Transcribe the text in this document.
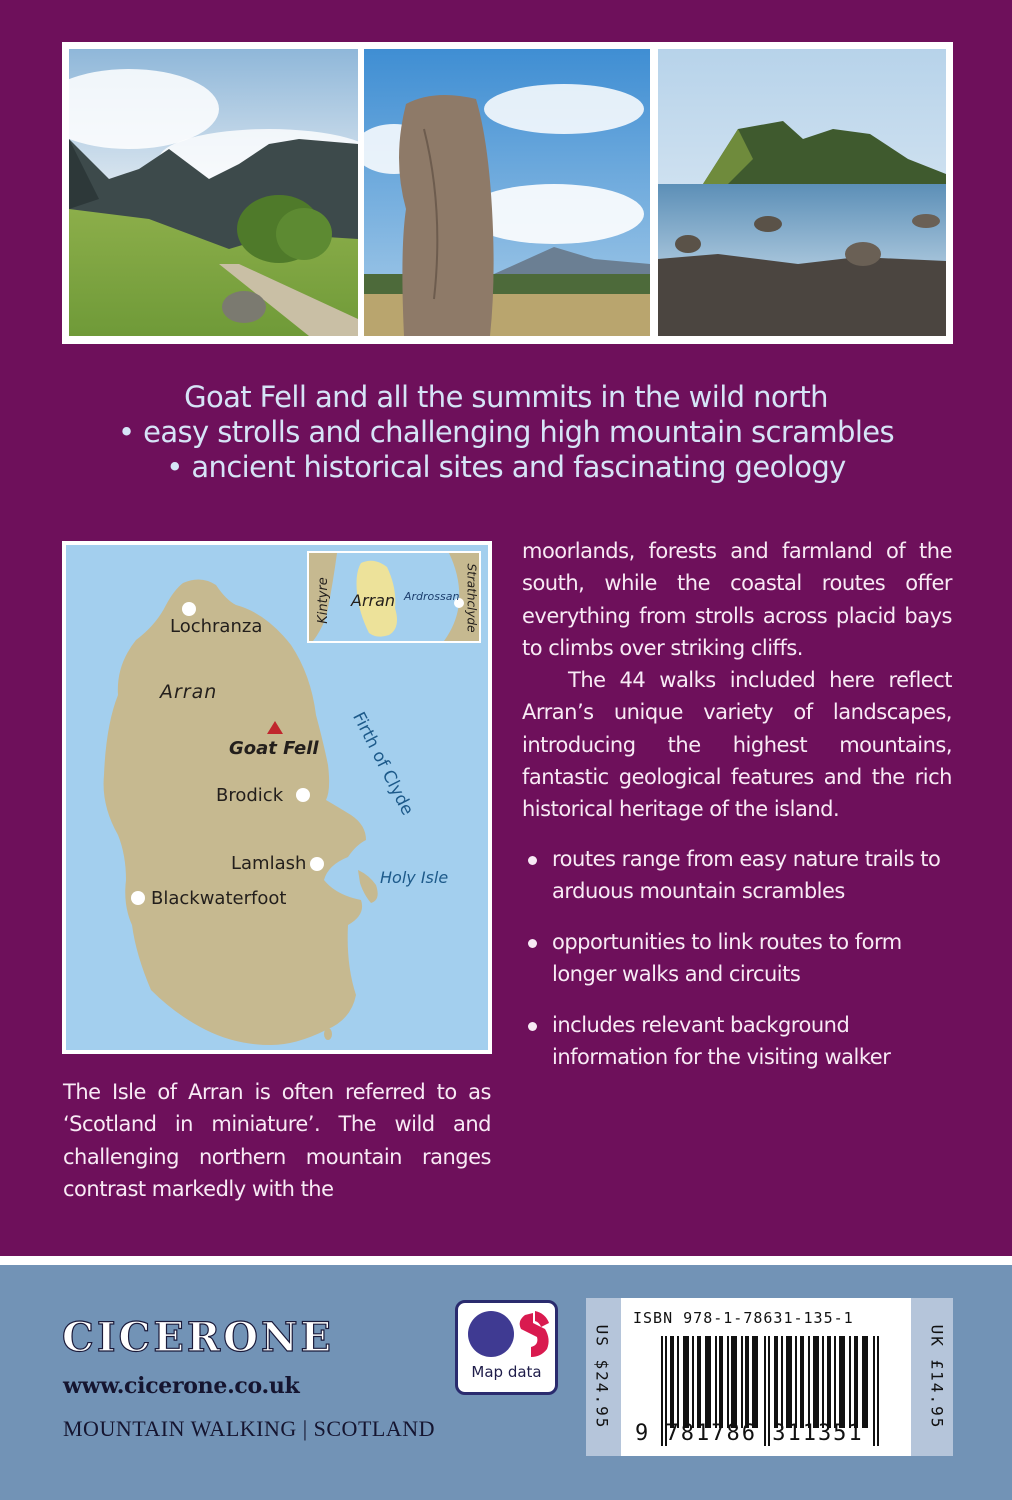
Goat Fell and all the summits in the wild north
• easy strolls and challenging high mountain scrambles
• ancient historical sites and fascinating geology
Lochranza
Arran
Goat Fell
Brodick
Lamlash
Blackwaterfoot
Firth of Clyde
Holy Isle
Kintyre Arran Ardrossan Strathclyde

moorlands, forests and farmland of the south, while the coastal routes offer everything from strolls across placid bays to climbs over striking cliffs.

The 44 walks included here reflect Arran’s unique variety of landscapes, introducing the highest mountains, fantastic geological features and the rich historical heritage of the island.

routes range from easy nature trails to arduous mountain scrambles
opportunities to link routes to form longer walks and circuits
includes relevant background information for the visiting walker

The Isle of Arran is often referred to as ‘Scotland in miniature’. The wild and challenging northern mountain ranges contrast markedly with the

CICERONE
www.cicerone.co.uk
MOUNTAIN WALKING | SCOTLAND
Map data	US $24.95
ISBN 978-1-78631-135-1
9 781786 311351
UK £14.95
